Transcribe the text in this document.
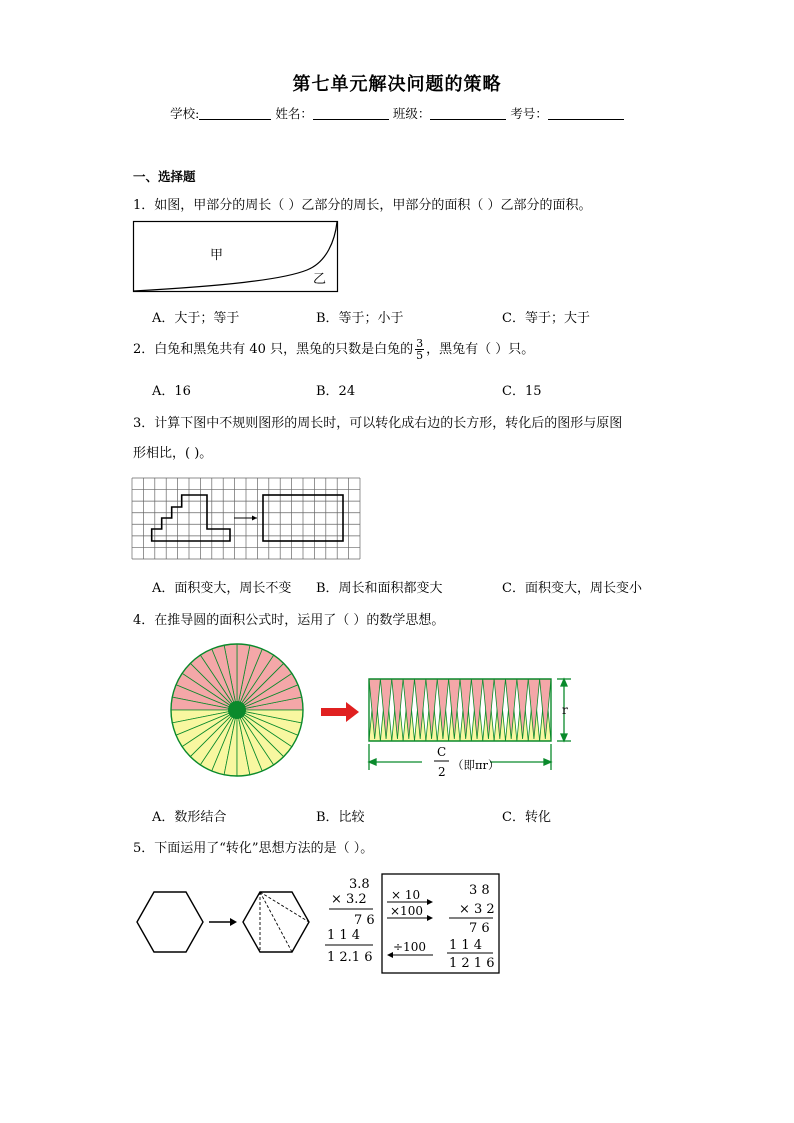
第七单元解决问题的策略
学校:	姓名：	班级：	考号：
一、选择题
1．如图，甲部分的周长（ ）乙部分的周长，甲部分的面积（ ）乙部分的面积。
甲
乙
A．大于；等于	B．等于；小于	C．等于；大于
2．白兔和黑兔共有 40 只，黑兔的只数是白兔的 $\frac{3}{5}$ ，黑兔有（ ）只。
A．16	B．24	C．15
3．计算下图中不规则图形的周长时，可以转化成右边的长方形，转化后的图形与原图
形相比，( )。
A．面积变大，周长不变 B．周长和面积都变大	C．面积变大，周长变小
4．在推导圆的面积公式时，运用了（ ）的数学思想。
r
C
2 （即πr）
A．数形结合	B．比较	C．转化
5．下面运用了“转化”思想方法的是（ ）。
3.8
× 3.2
7 6
1 1 4
1 2.1 6
× 10
×100
÷100
3 8
× 3 2
7 6
1 1 4
1 2 1 6
